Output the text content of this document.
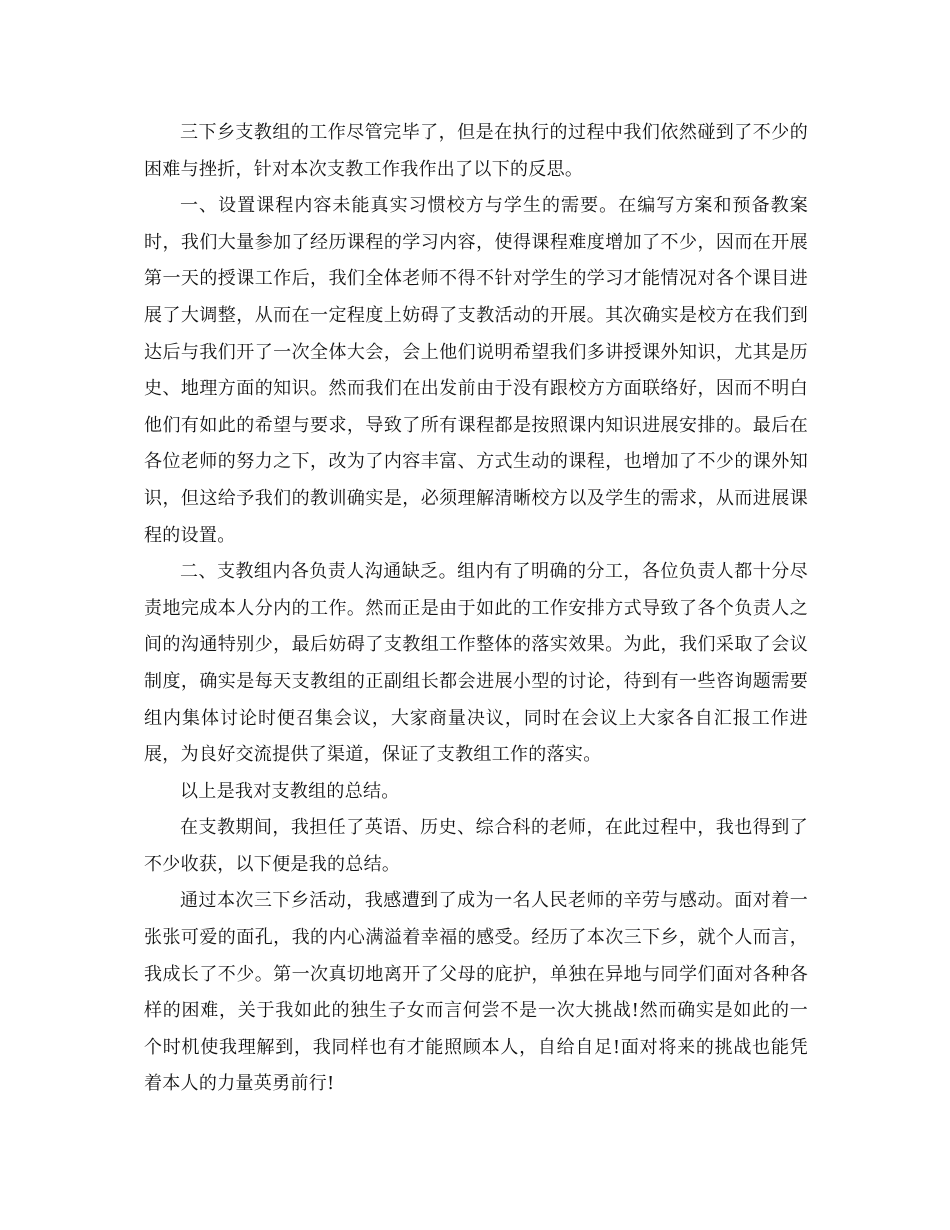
三下乡支教组的工作尽管完毕了，但是在执行的过程中我们依然碰到了不少的困难与挫折，针对本次支教工作我作出了以下的反思。

一、设置课程内容未能真实习惯校方与学生的需要。在编写方案和预备教案时，我们大量参加了经历课程的学习内容，使得课程难度增加了不少，因而在开展第一天的授课工作后，我们全体老师不得不针对学生的学习才能情况对各个课目进展了大调整，从而在一定程度上妨碍了支教活动的开展。其次确实是校方在我们到达后与我们开了一次全体大会，会上他们说明希望我们多讲授课外知识，尤其是历史、地理方面的知识。然而我们在出发前由于没有跟校方方面联络好，因而不明白他们有如此的希望与要求，导致了所有课程都是按照课内知识进展安排的。最后在各位老师的努力之下，改为了内容丰富、方式生动的课程，也增加了不少的课外知识，但这给予我们的教训确实是，必须理解清晰校方以及学生的需求，从而进展课程的设置。

二、支教组内各负责人沟通缺乏。组内有了明确的分工，各位负责人都十分尽责地完成本人分内的工作。然而正是由于如此的工作安排方式导致了各个负责人之间的沟通特别少，最后妨碍了支教组工作整体的落实效果。为此，我们采取了会议制度，确实是每天支教组的正副组长都会进展小型的讨论，待到有一些咨询题需要组内集体讨论时便召集会议，大家商量决议，同时在会议上大家各自汇报工作进展，为良好交流提供了渠道，保证了支教组工作的落实。

以上是我对支教组的总结。

在支教期间，我担任了英语、历史、综合科的老师，在此过程中，我也得到了不少收获，以下便是我的总结。

通过本次三下乡活动，我感遭到了成为一名人民老师的辛劳与感动。面对着一张张可爱的面孔，我的内心满溢着幸福的感受。经历了本次三下乡，就个人而言，我成长了不少。第一次真切地离开了父母的庇护，单独在异地与同学们面对各种各样的困难，关于我如此的独生子女而言何尝不是一次大挑战!然而确实是如此的一个时机使我理解到，我同样也有才能照顾本人，自给自足!面对将来的挑战也能凭着本人的力量英勇前行!
